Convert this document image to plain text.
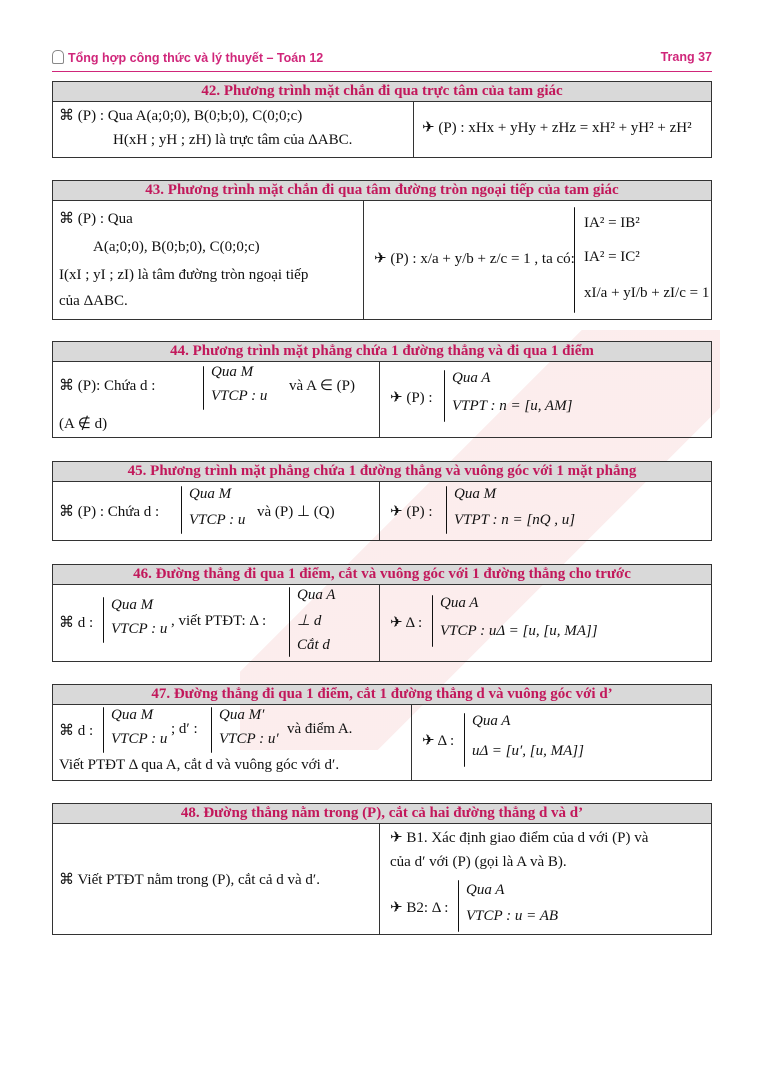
Tổng hợp công thức và lý thuyết – Toán 12	Trang 37
42. Phương trình mặt chắn đi qua trực tâm của tam giác
⌘ (P) : Qua A(a;0;0), B(0;b;0), C(0;0;c)
H(xH ; yH ; zH) là trực tâm của ΔABC.
✈ (P) : xHx + yHy + zHz = xH² + yH² + zH²
43. Phương trình mặt chắn đi qua tâm đường tròn ngoại tiếp của tam giác
⌘ (P) : Qua
A(a;0;0), B(0;b;0), C(0;0;c)
I(xI ; yI ; zI) là tâm đường tròn ngoại tiếp
của ΔABC.
✈ (P) : x/a + y/b + z/c = 1 , ta có:
IA² = IB²
IA² = IC²
xI/a + yI/b + zI/c = 1
44. Phương trình mặt phẳng chứa 1 đường thẳng và đi qua 1 điểm
⌘ (P): Chứa d :
Qua M
VTCP : u
và A ∈ (P)
(A ∉ d)
✈ (P) :
Qua A
VTPT : n = [u, AM]
45. Phương trình mặt phẳng chứa 1 đường thẳng và vuông góc với 1 mặt phẳng
⌘ (P) : Chứa d :
Qua M
VTCP : u và (P) ⊥ (Q)	✈ (P) :
Qua M
VTPT : n = [nQ , u]
46. Đường thẳng đi qua 1 điểm, cắt và vuông góc với 1 đường thẳng cho trước
⌘ d :
Qua M
VTCP : u , viết PTĐT: Δ :
Qua A
⊥ d
Cắt d
✈ Δ :
Qua A
VTCP : uΔ = [u, [u, MA]]
47. Đường thẳng đi qua 1 điểm, cắt 1 đường thẳng d và vuông góc với d’
⌘ d :
Qua M
VTCP : u
; d′ :
Qua M′
VTCP : u′
và điểm A.
Viết PTĐT Δ qua A, cắt d và vuông góc với d′.
✈ Δ :
Qua A
uΔ = [u′, [u, MA]]
48. Đường thẳng nằm trong (P), cắt cả hai đường thẳng d và d’
⌘ Viết PTĐT nằm trong (P), cắt cả d và d′.
✈ B1. Xác định giao điểm của d với (P) và
của d′ với (P) (gọi là A và B).
✈ B2: Δ :
Qua A
VTCP : u = AB
